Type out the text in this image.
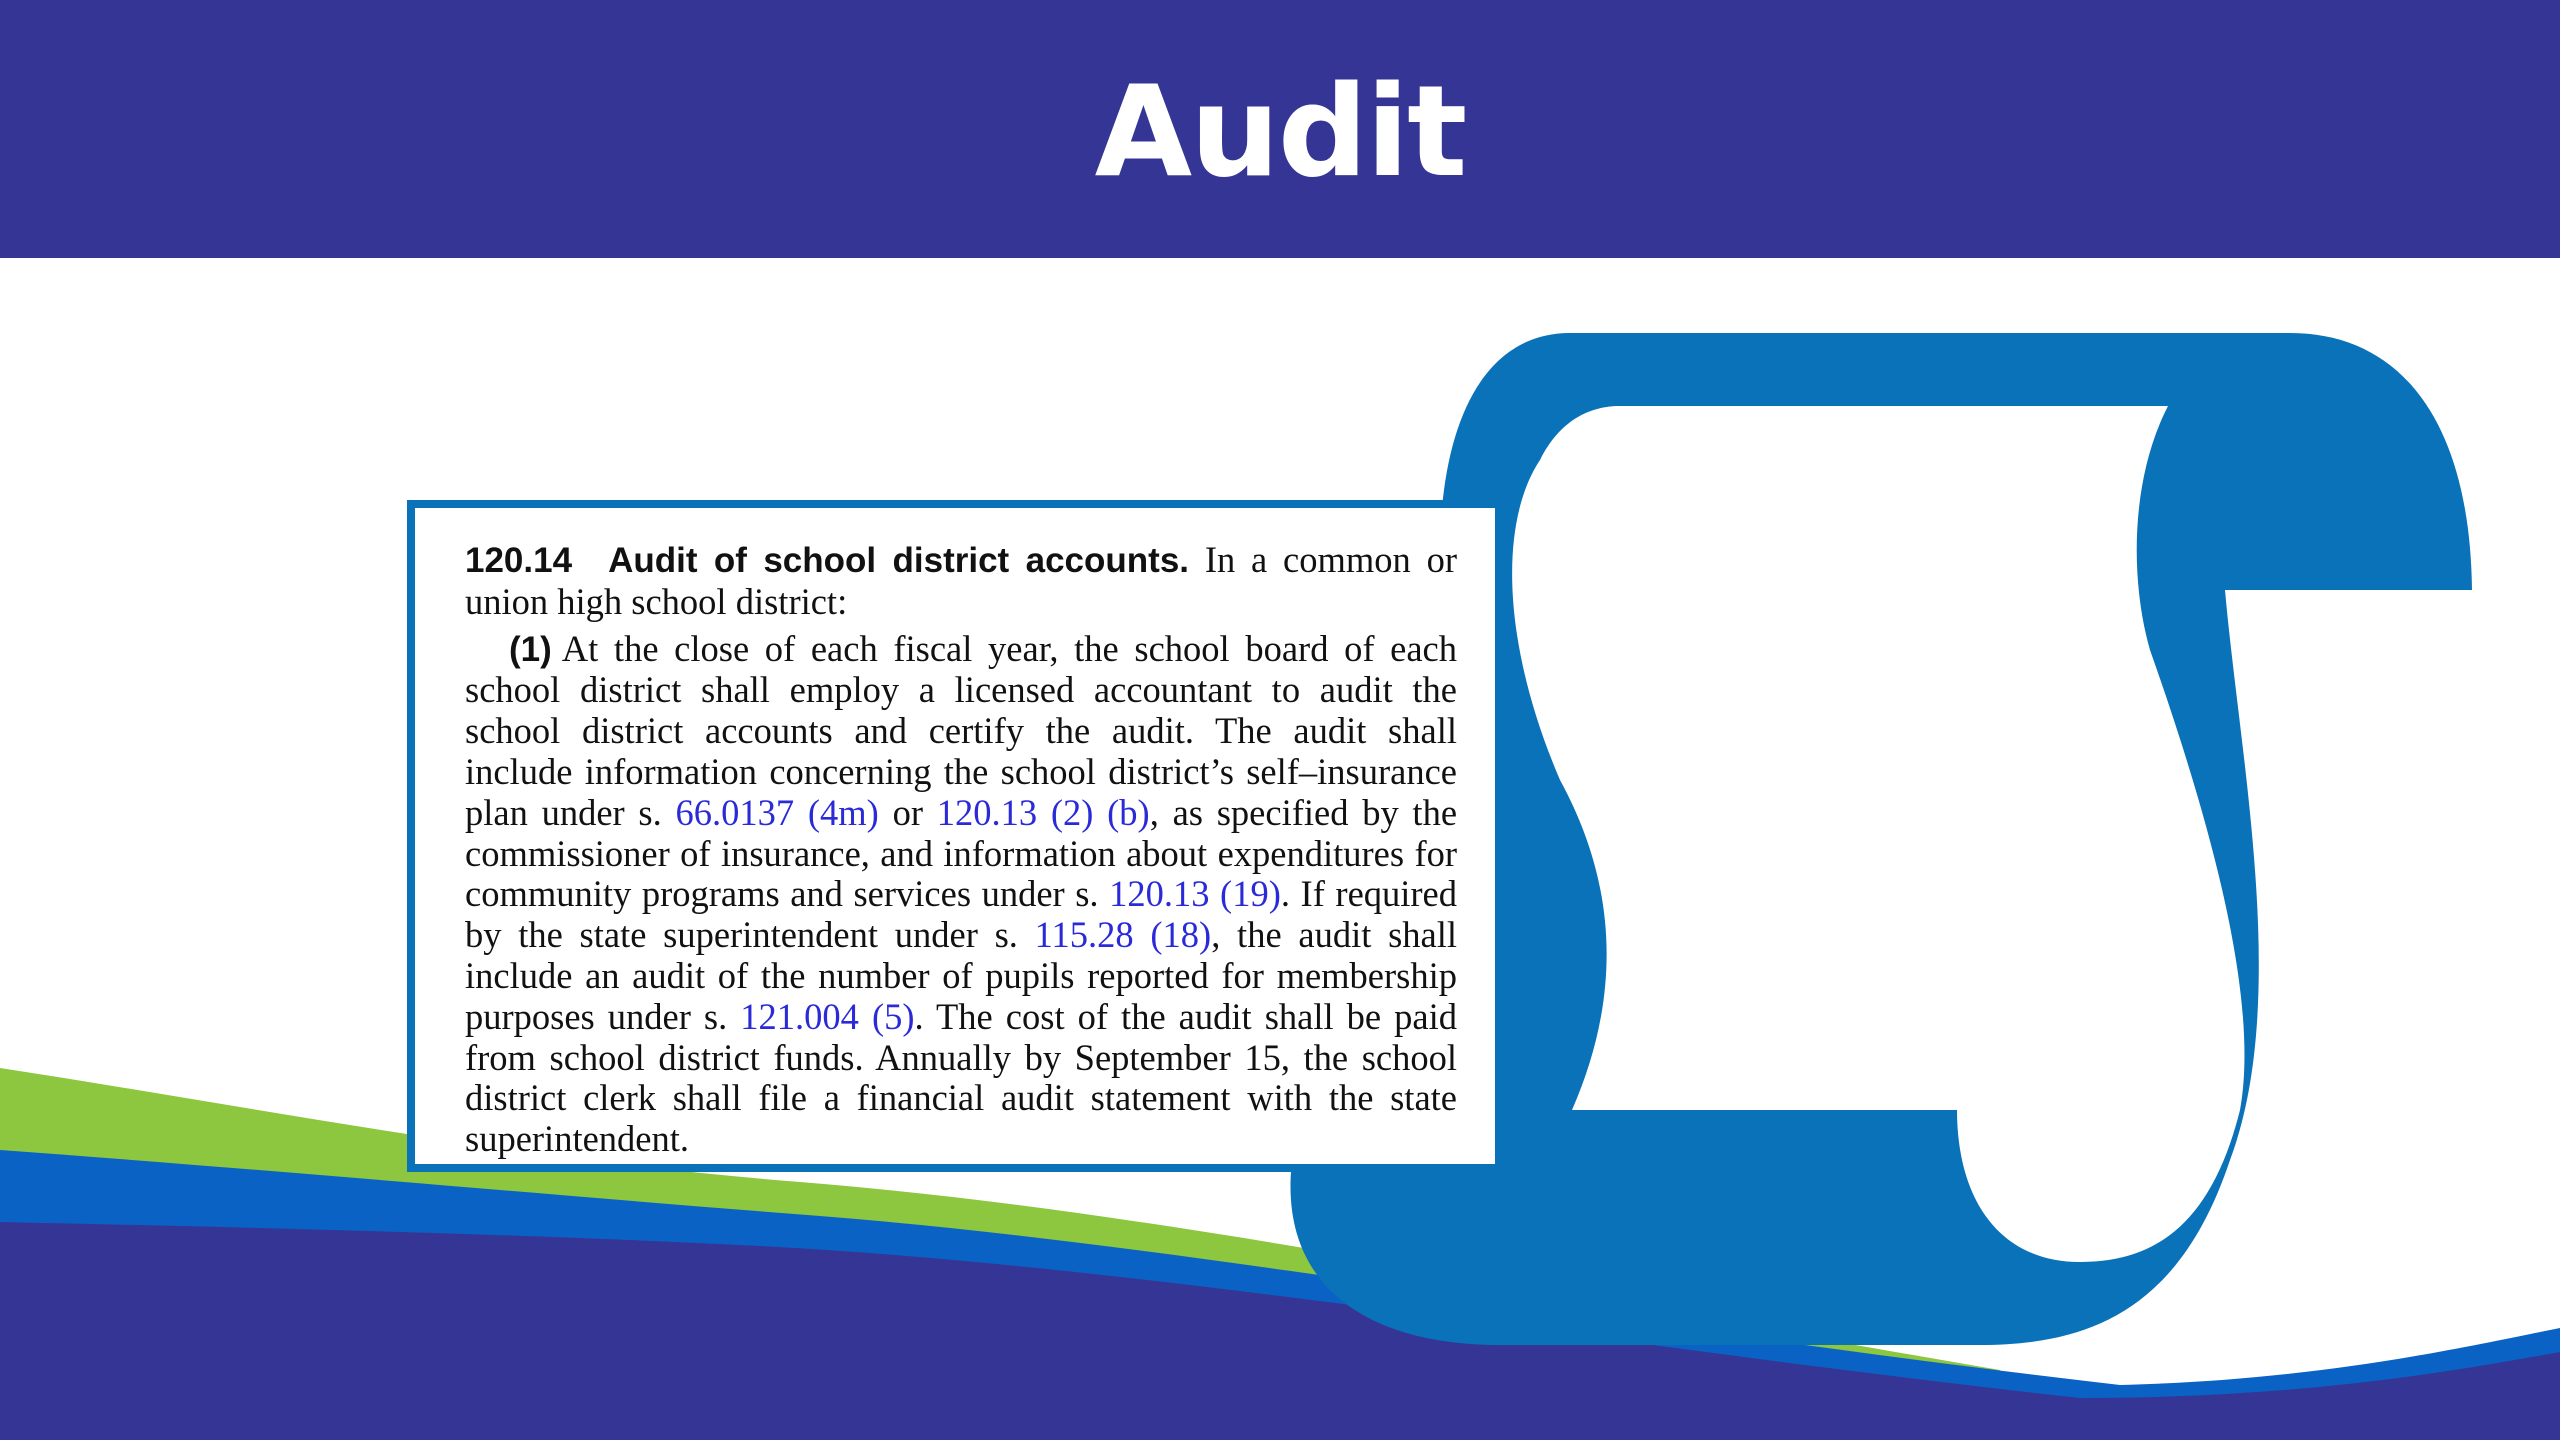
Audit

120.14 Audit of school district accounts. In a common or union high school district:

(1) At the close of each fiscal year, the school board of each school district shall employ a licensed accountant to audit the school district accounts and certify the audit. The audit shall include information concerning the school district’s self–insurance plan under s. 66.0137 (4m) or 120.13 (2) (b), as specified by the commissioner of insurance, and information about expenditures for community programs and services under s. 120.13 (19). If required by the state superintendent under s. 115.28 (18), the audit shall include an audit of the number of pupils reported for membership purposes under s. 121.004 (5). The cost of the audit shall be paid from school district funds. Annually by September 15, the school district clerk shall file a financial audit statement with the state superintendent.
